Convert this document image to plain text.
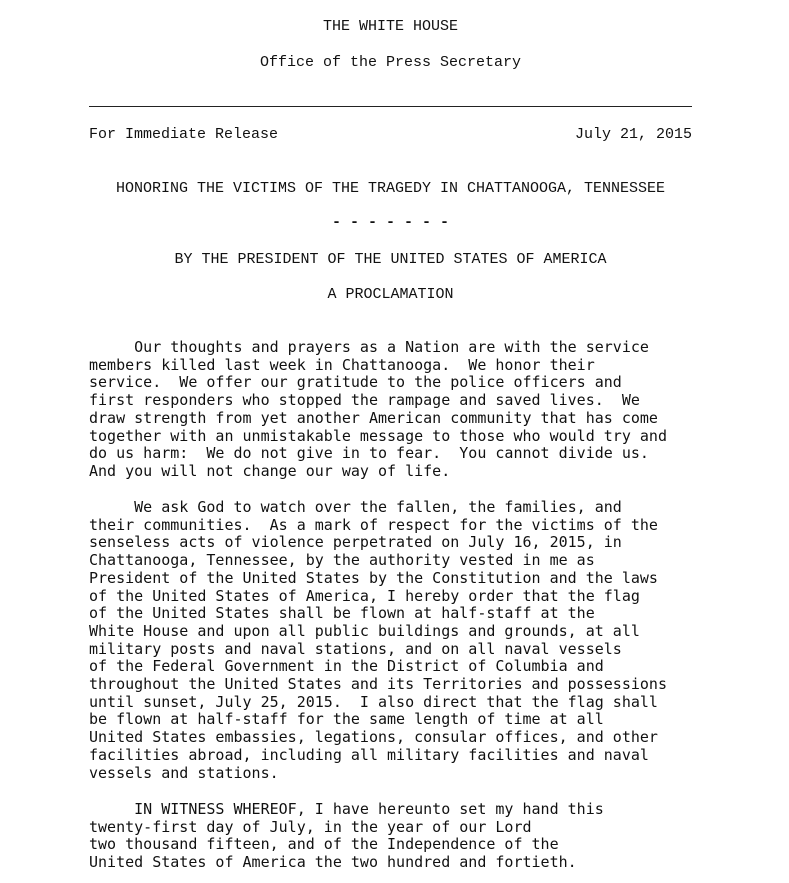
THE WHITE HOUSE
Office of the Press Secretary

For Immediate Release

	July 21, 2015

HONORING THE VICTIMS OF THE TRAGEDY IN CHATTANOOGA, TENNESSEE
- - - - - - -
BY THE PRESIDENT OF THE UNITED STATES OF AMERICA
A PROCLAMATION
Our thoughts and prayers as a Nation are with the service
members killed last week in Chattanooga.  We honor their
service.  We offer our gratitude to the police officers and
first responders who stopped the rampage and saved lives.  We
draw strength from yet another American community that has come
together with an unmistakable message to those who would try and
do us harm:  We do not give in to fear.  You cannot divide us.
And you will not change our way of life.
We ask God to watch over the fallen, the families, and
their communities.  As a mark of respect for the victims of the
senseless acts of violence perpetrated on July 16, 2015, in
Chattanooga, Tennessee, by the authority vested in me as
President of the United States by the Constitution and the laws
of the United States of America, I hereby order that the flag
of the United States shall be flown at half-staff at the
White House and upon all public buildings and grounds, at all
military posts and naval stations, and on all naval vessels
of the Federal Government in the District of Columbia and
throughout the United States and its Territories and possessions
until sunset, July 25, 2015.  I also direct that the flag shall
be flown at half-staff for the same length of time at all
United States embassies, legations, consular offices, and other
facilities abroad, including all military facilities and naval
vessels and stations.
IN WITNESS WHEREOF, I have hereunto set my hand this
twenty-first day of July, in the year of our Lord
two thousand fifteen, and of the Independence of the
United States of America the two hundred and fortieth.
